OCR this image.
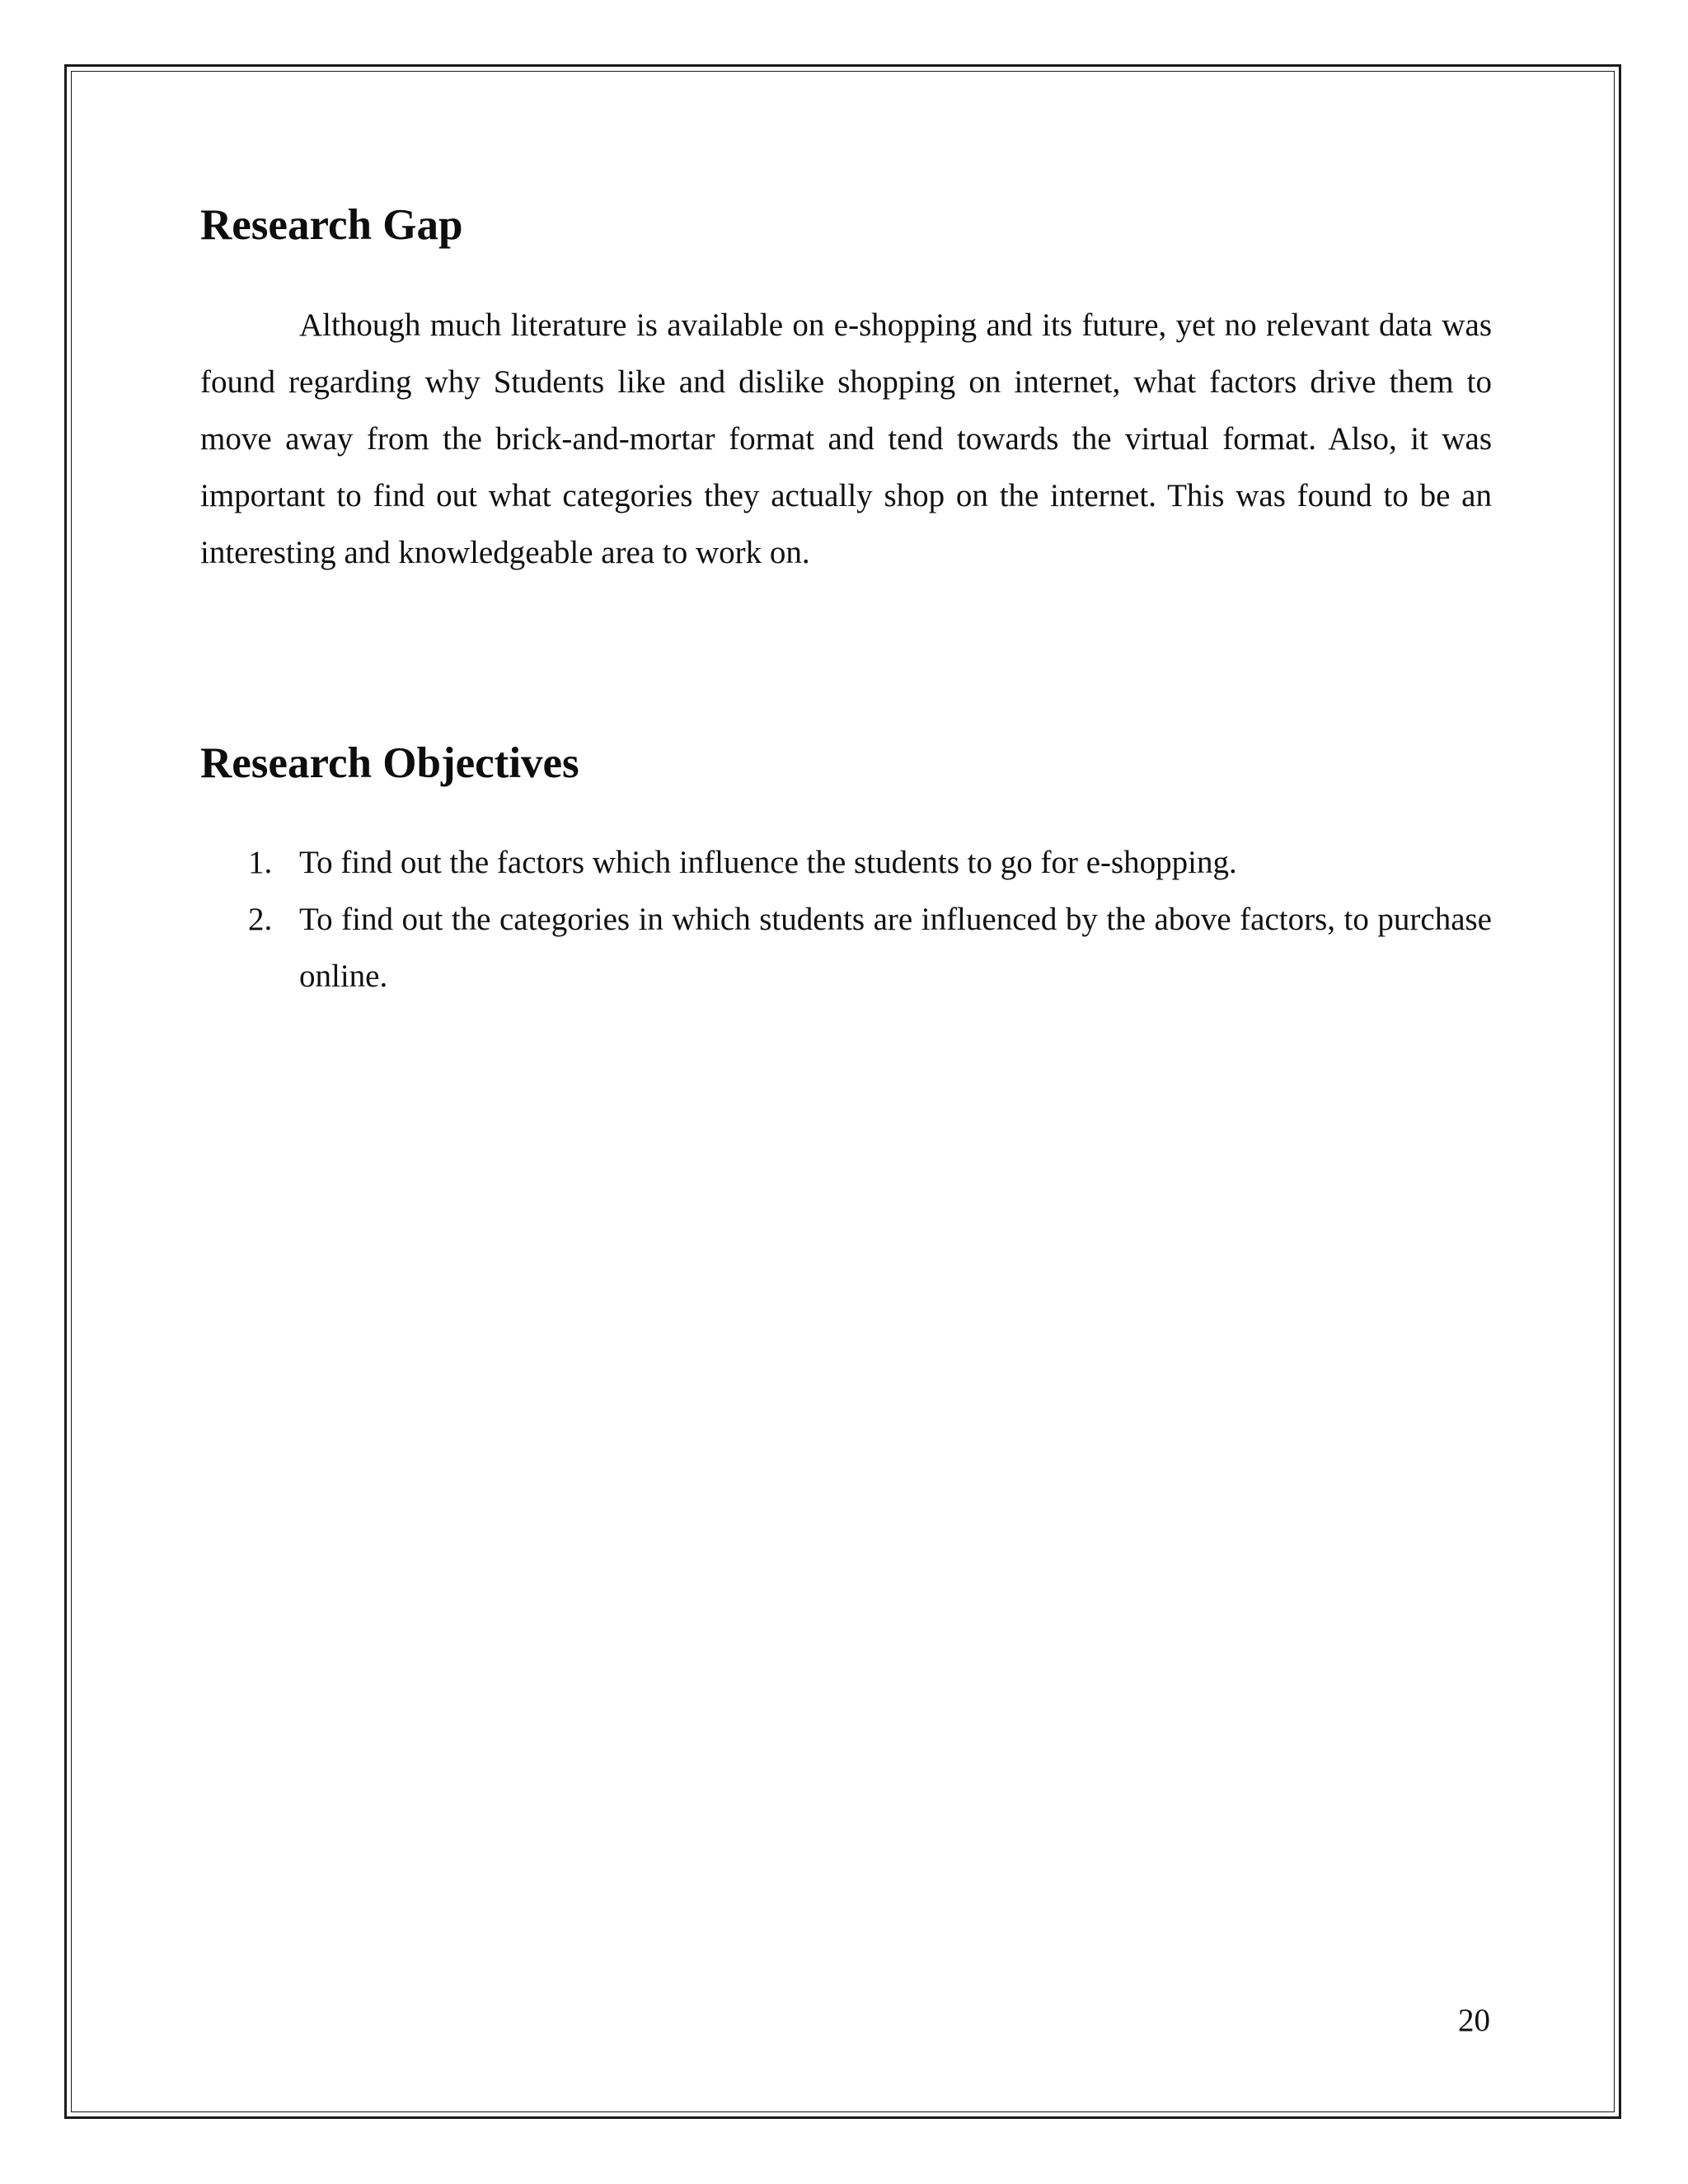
Research Gap

Although much literature is available on e-shopping and its future, yet no relevant data was found regarding why Students like and dislike shopping on internet, what factors drive them to move away from the brick-and-mortar format and tend towards the virtual format. Also, it was important to find out what categories they actually shop on the internet. This was found to be an interesting and knowledgeable area to work on.

Research Objectives
1. To find out the factors which influence the students to go for e-shopping.
2. To find out the categories in which students are influenced by the above factors, to purchase online.
20
